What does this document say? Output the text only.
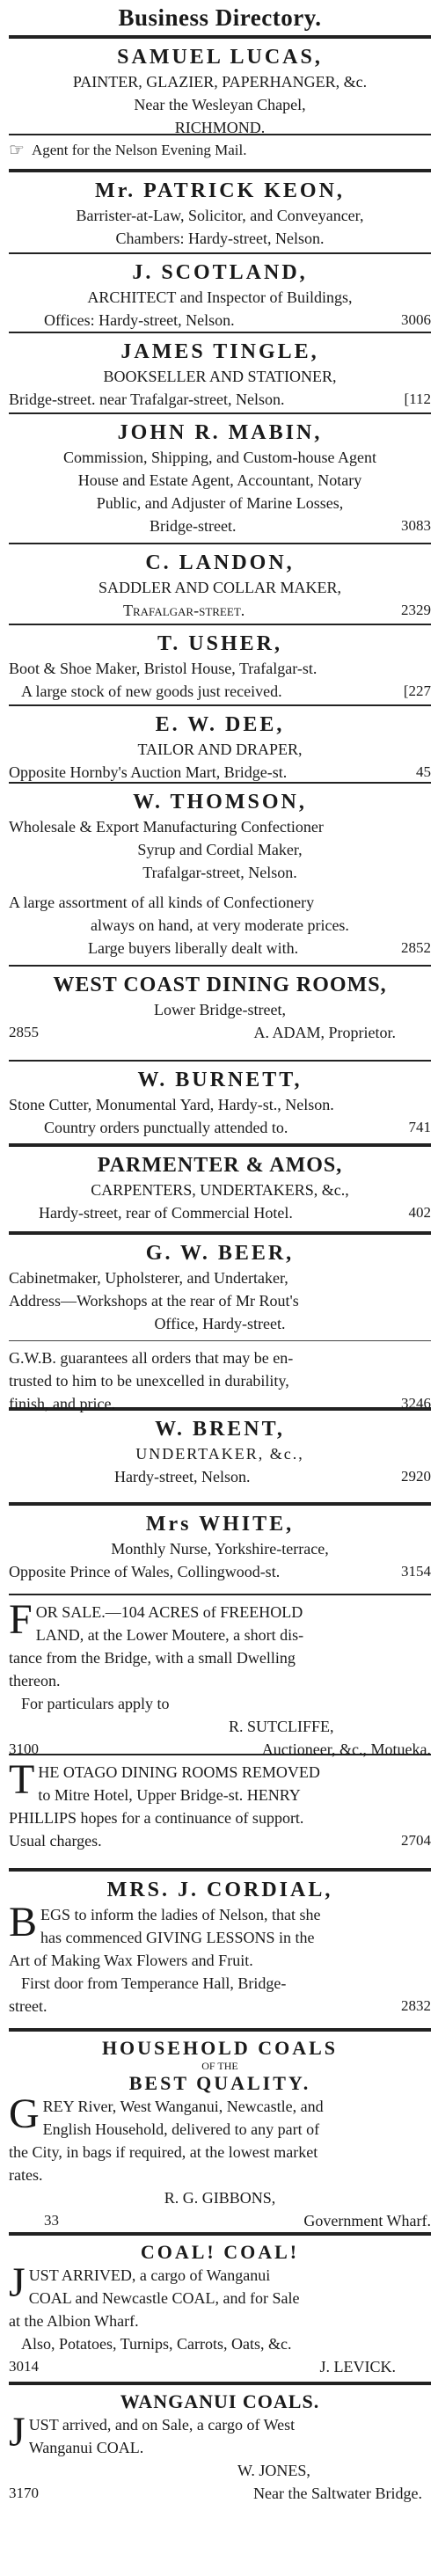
Business Directory.
SAMUEL LUCAS,
PAINTER, GLAZIER, PAPERHANGER, &c.
Near the Wesleyan Chapel,
RICHMOND.
☞ Agent for the Nelson Evening Mail.
Mr. PATRICK KEON,
Barrister-at-Law, Solicitor, and Conveyancer,
Chambers: Hardy-street, Nelson.
J. SCOTLAND,
ARCHITECT and Inspector of Buildings,
Offices: Hardy-street, Nelson.	3006
JAMES TINGLE,
BOOKSELLER AND STATIONER,
Bridge-street. near Trafalgar-street, Nelson.	[112
JOHN R. MABIN,
Commission, Shipping, and Custom-house Agent
House and Estate Agent, Accountant, Notary
Public, and Adjuster of Marine Losses,
Bridge-street.	3083
C. LANDON,
SADDLER AND COLLAR MAKER,
Trafalgar-street.	2329
T. USHER,
Boot & Shoe Maker, Bristol House, Trafalgar-st.
A large stock of new goods just received.	[227
E. W. DEE,
TAILOR AND DRAPER,
Opposite Hornby's Auction Mart, Bridge-st.	45
W. THOMSON,
Wholesale & Export Manufacturing Confectioner
Syrup and Cordial Maker,
Trafalgar-street, Nelson.
A large assortment of all kinds of Confectionery
always on hand, at very moderate prices.
Large buyers liberally dealt with.	2852
WEST COAST DINING ROOMS,
Lower Bridge-street,
2855	A. ADAM, Proprietor.
W. BURNETT,
Stone Cutter, Monumental Yard, Hardy-st., Nelson.
Country orders punctually attended to.	741
PARMENTER & AMOS,
CARPENTERS, UNDERTAKERS, &c.,
Hardy-street, rear of Commercial Hotel.	402
G. W. BEER,
Cabinetmaker, Upholsterer, and Undertaker,
Address—Workshops at the rear of Mr Rout's
Office, Hardy-street.
G.W.B. guarantees all orders that may be en-
trusted to him to be unexcelled in durability,
finish, and price.	3246
W. BRENT,
UNDERTAKER, &c.,
Hardy-street, Nelson.	2920
Mrs WHITE,
Monthly Nurse, Yorkshire-terrace,
Opposite Prince of Wales, Collingwood-st.	3154
F OR SALE.—104 ACRES of FREEHOLD
LAND, at the Lower Moutere, a short dis-
tance from the Bridge, with a small Dwelling
thereon.
For particulars apply to
R. SUTCLIFFE,
3100	Auctioneer, &c., Motueka.
T HE OTAGO DINING ROOMS REMOVED
to Mitre Hotel, Upper Bridge-st. HENRY
PHILLIPS hopes for a continuance of support.
Usual charges.	2704
MRS. J. CORDIAL,
B EGS to inform the ladies of Nelson, that she
has commenced GIVING LESSONS in the
Art of Making Wax Flowers and Fruit.
First door from Temperance Hall, Bridge-
street.	2832
HOUSEHOLD COALS
OF THE
BEST QUALITY.
G REY River, West Wanganui, Newcastle, and
English Household, delivered to any part of
the City, in bags if required, at the lowest market
rates.
R. G. GIBBONS,
33	Government Wharf.
COAL! COAL!
J UST ARRIVED, a cargo of Wanganui
COAL and Newcastle COAL, and for Sale
at the Albion Wharf.
Also, Potatoes, Turnips, Carrots, Oats, &c.
3014	J. LEVICK.
WANGANUI COALS.
J UST arrived, and on Sale, a cargo of West
Wanganui COAL.
W. JONES,
3170	Near the Saltwater Bridge.
